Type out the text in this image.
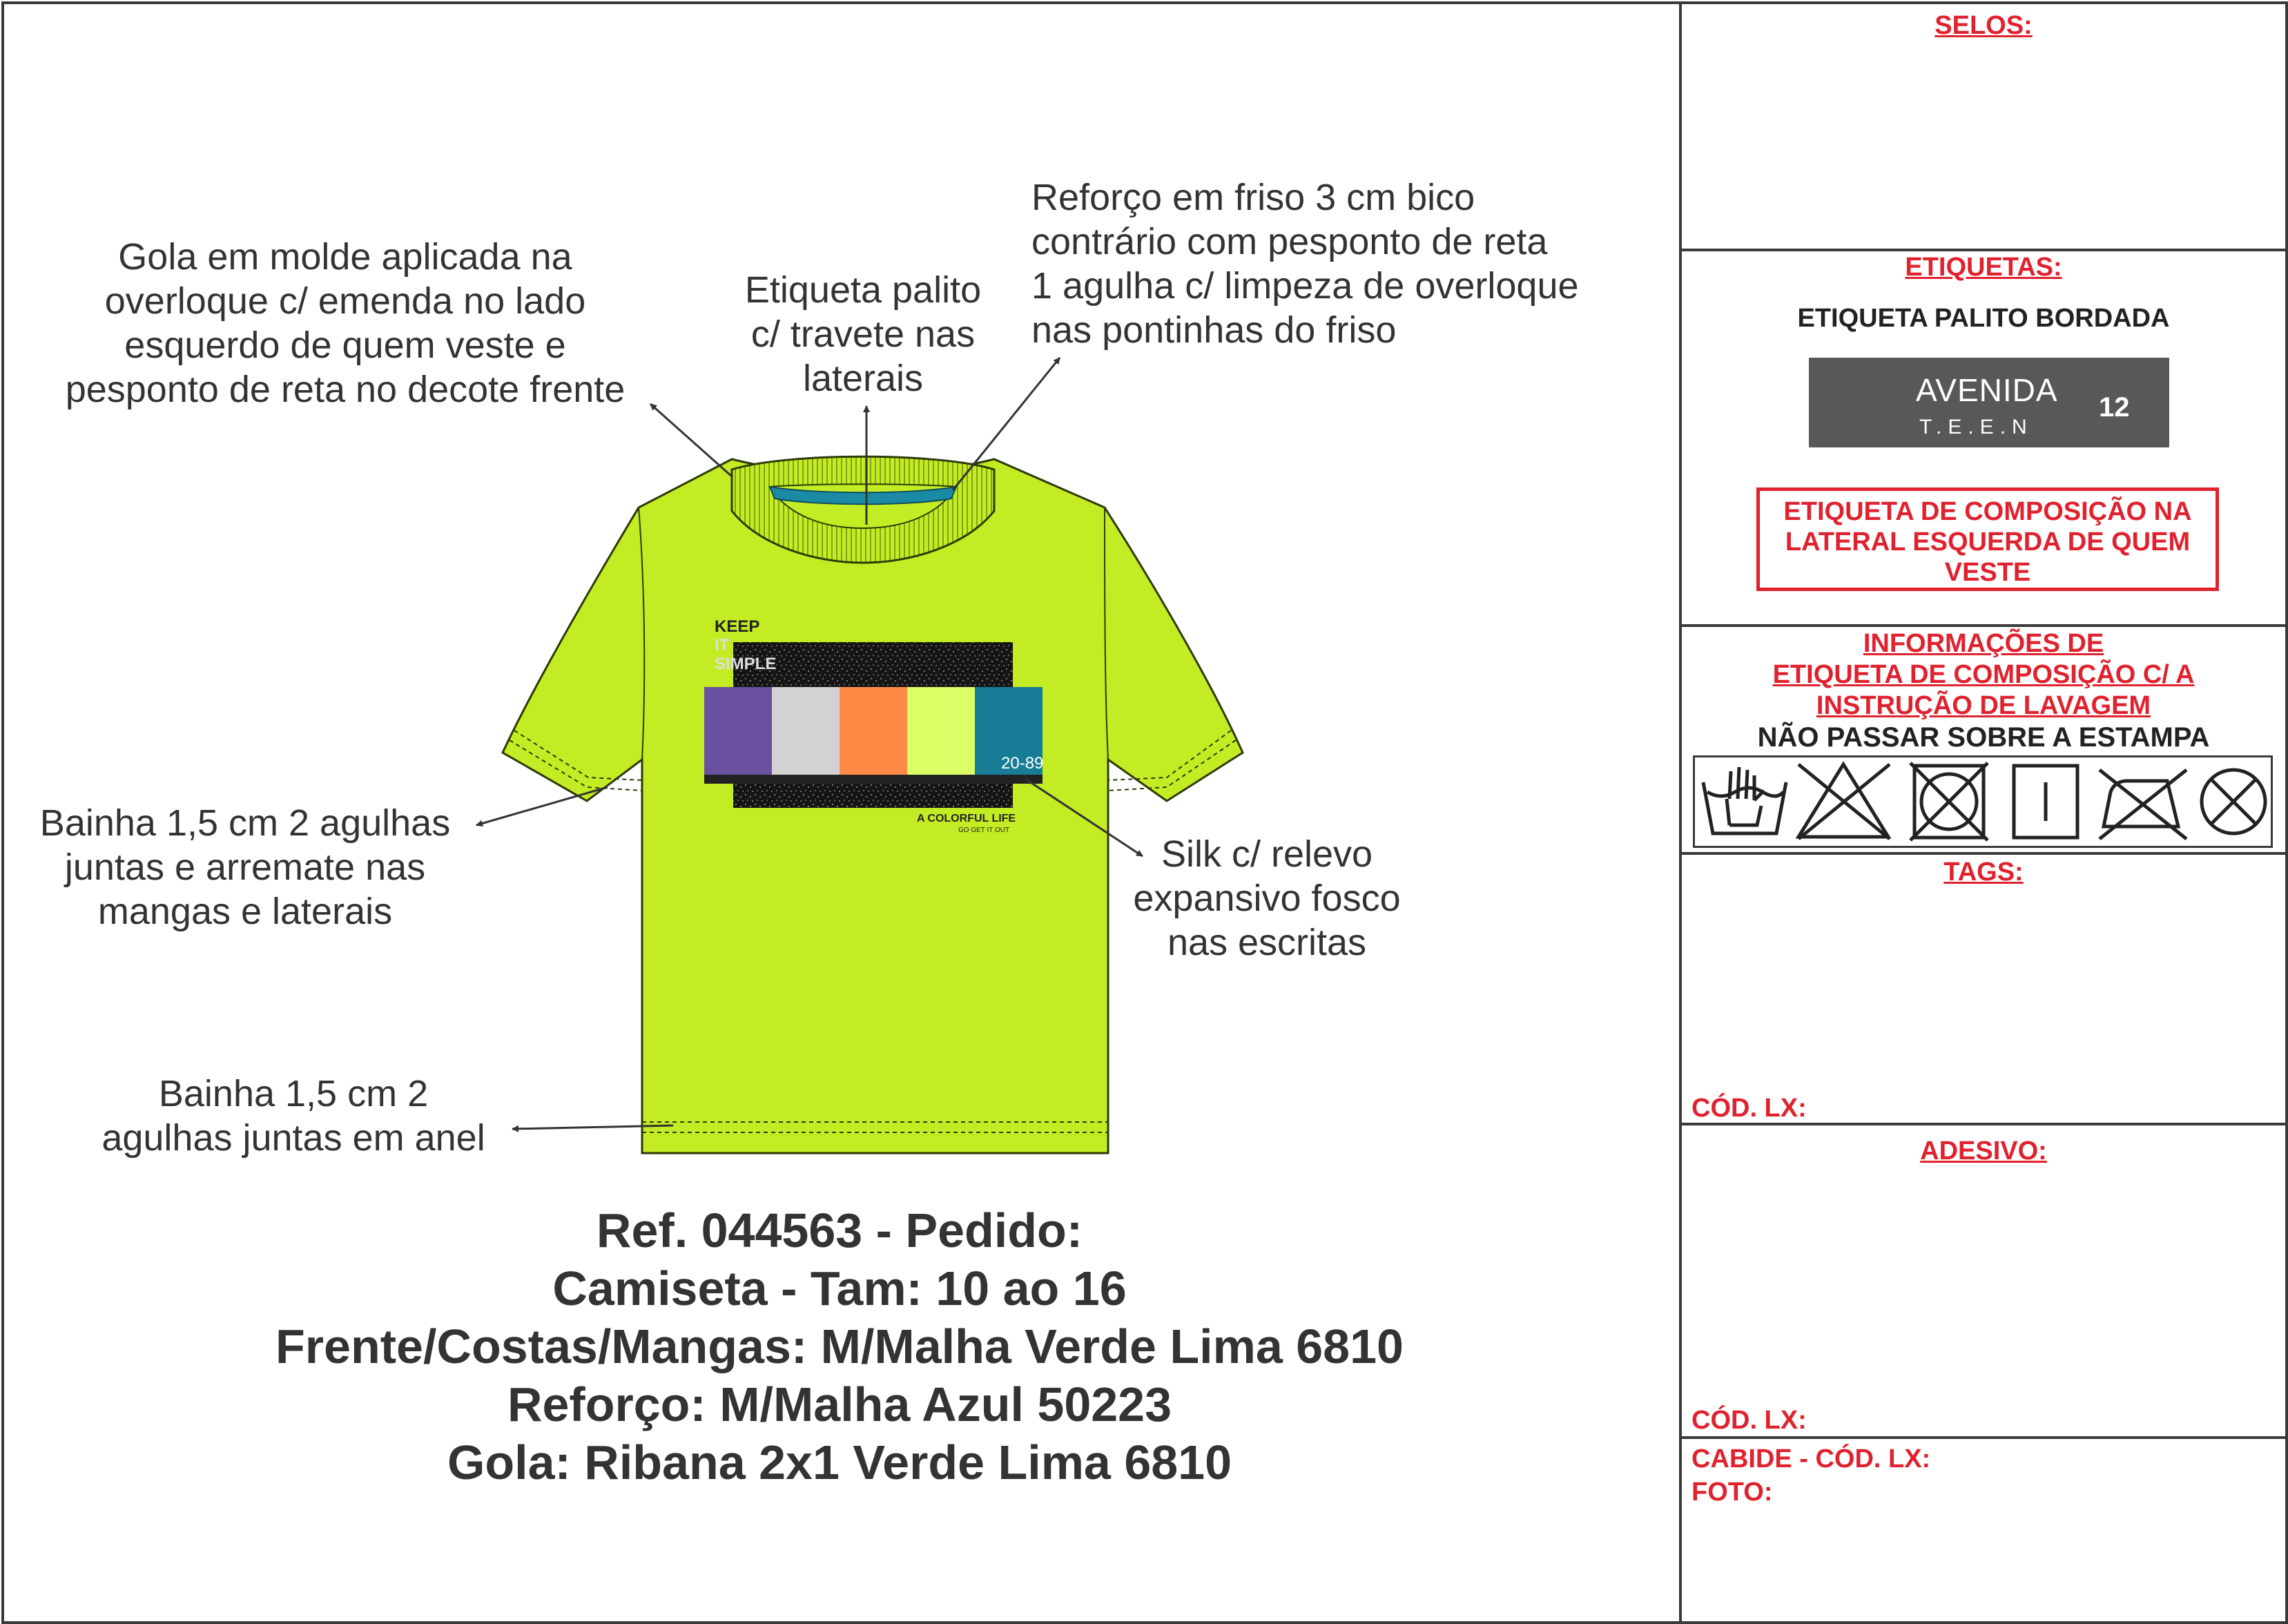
KEEP
IT
SIMPLE
20-89
A COLORFUL LIFE
GO GET IT OUT
Gola em molde aplicada na
overloque c/ emenda no lado
esquerdo de quem veste e
pesponto de reta no decote frente
Etiqueta palito
c/ travete nas
laterais
Reforço em friso 3 cm bico
contrário com pesponto de reta
1 agulha c/ limpeza de overloque
nas pontinhas do friso
Bainha 1,5 cm 2 agulhas
juntas e arremate nas
mangas e laterais
Silk c/ relevo
expansivo fosco
nas escritas
Bainha 1,5 cm 2
agulhas juntas em anel
Ref. 044563 - Pedido:
Camiseta - Tam: 10 ao 16
Frente/Costas/Mangas: M/Malha Verde Lima 6810
Reforço: M/Malha Azul 50223
Gola: Ribana 2x1 Verde Lima 6810
SELOS:
ETIQUETAS:
ETIQUETA PALITO BORDADA
AVENIDA
T.E.E.N
12
ETIQUETA DE COMPOSIÇÃO NA
LATERAL ESQUERDA DE QUEM
VESTE
INFORMAÇÕES DE
ETIQUETA DE COMPOSIÇÃO C/ A
INSTRUÇÃO DE LAVAGEM
NÃO PASSAR SOBRE A ESTAMPA
TAGS:
CÓD. LX:
ADESIVO:
CÓD. LX:
CABIDE - CÓD. LX:
FOTO:
